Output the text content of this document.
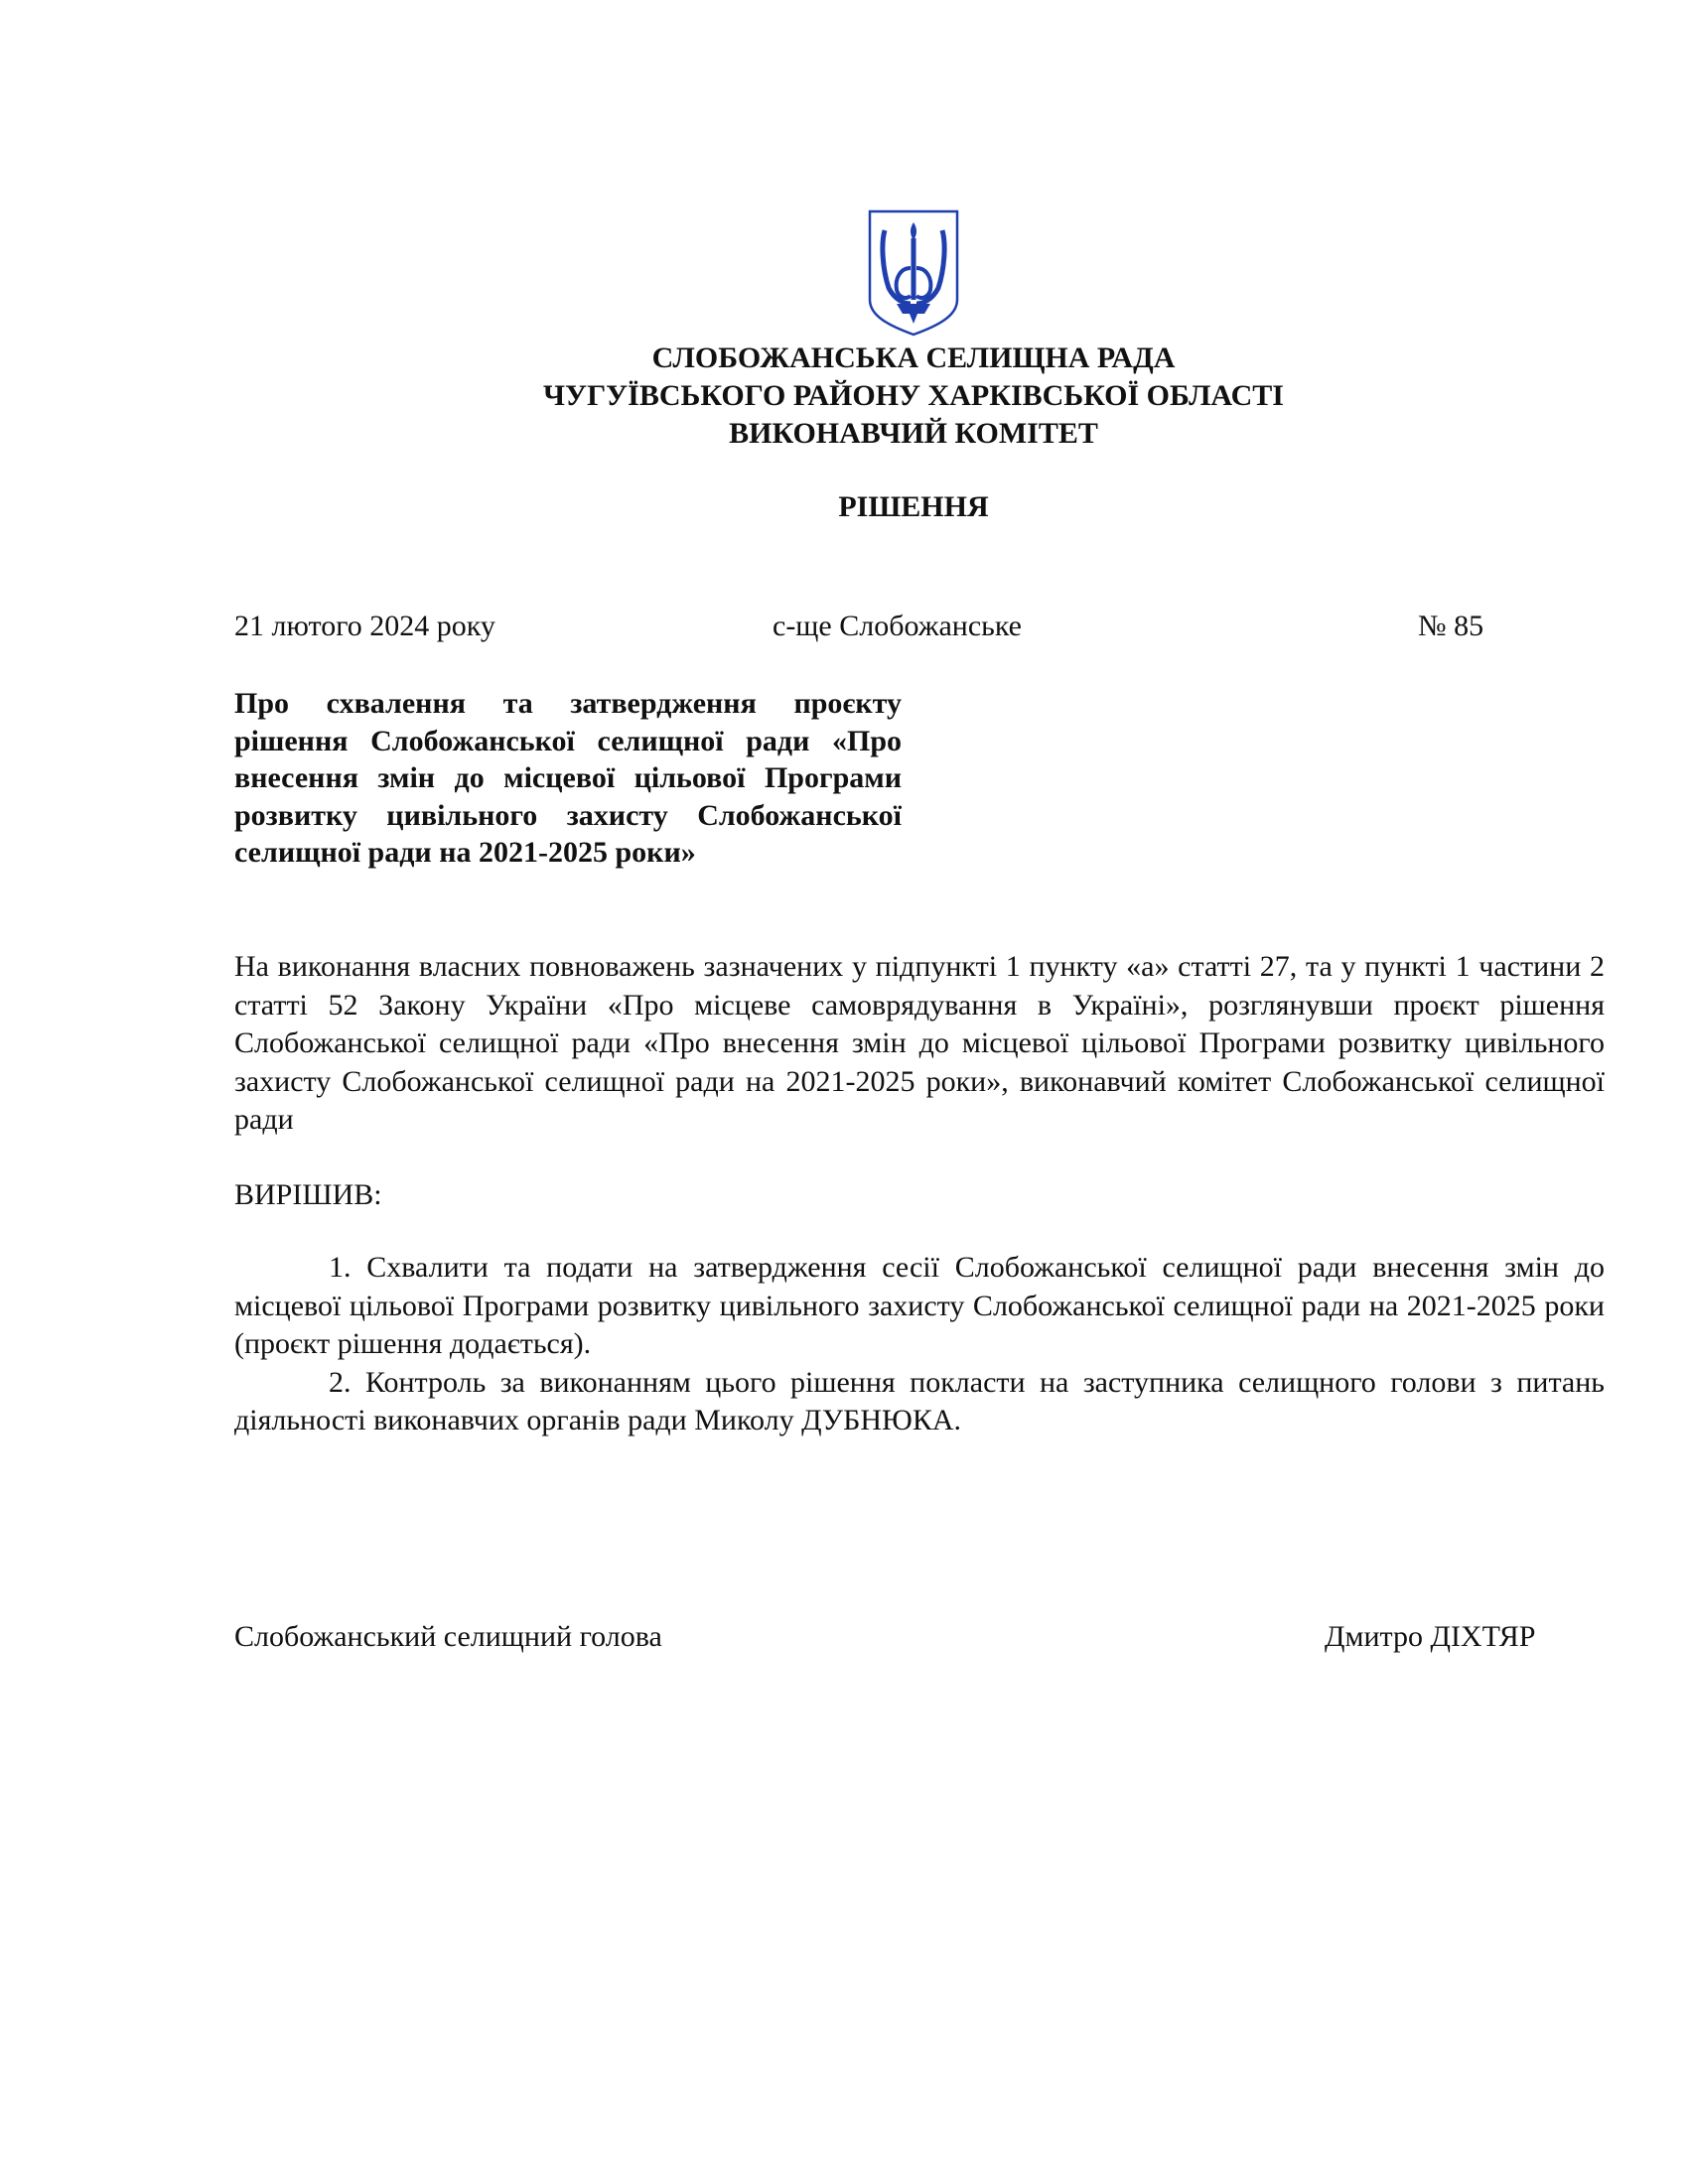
СЛОБОЖАНСЬКА СЕЛИЩНА РАДА
ЧУГУЇВСЬКОГО РАЙОНУ ХАРКІВСЬКОЇ ОБЛАСТІ
ВИКОНАВЧИЙ КОМІТЕТ
РІШЕННЯ
21 лютого 2024 року	с-ще Слобожанське	№ 85
Про схвалення та затвердження проєкту рішення Слобожанської селищної ради «Про внесення змін до місцевої цільової Програми розвитку цивільного захисту Слобожанської селищної ради на 2021-2025 роки»
На виконання власних повноважень зазначених у підпункті 1 пункту «а» статті 27, та у пункті 1 частини 2 статті 52 Закону України «Про місцеве самоврядування в Україні», розглянувши проєкт рішення Слобожанської селищної ради «Про внесення змін до місцевої цільової Програми розвитку цивільного захисту Слобожанської селищної ради на 2021-2025 роки», виконавчий комітет Слобожанської селищної ради
ВИРІШИВ:

1. Схвалити та подати на затвердження сесії Слобожанської селищної ради внесення змін до місцевої цільової Програми розвитку цивільного захисту Слобожанської селищної ради на 2021-2025 роки (проєкт рішення додається).

2. Контроль за виконанням цього рішення покласти на заступника селищного голови з питань діяльності виконавчих органів ради Миколу ДУБНЮКА.

Слобожанський селищний голова	Дмитро ДІХТЯР
